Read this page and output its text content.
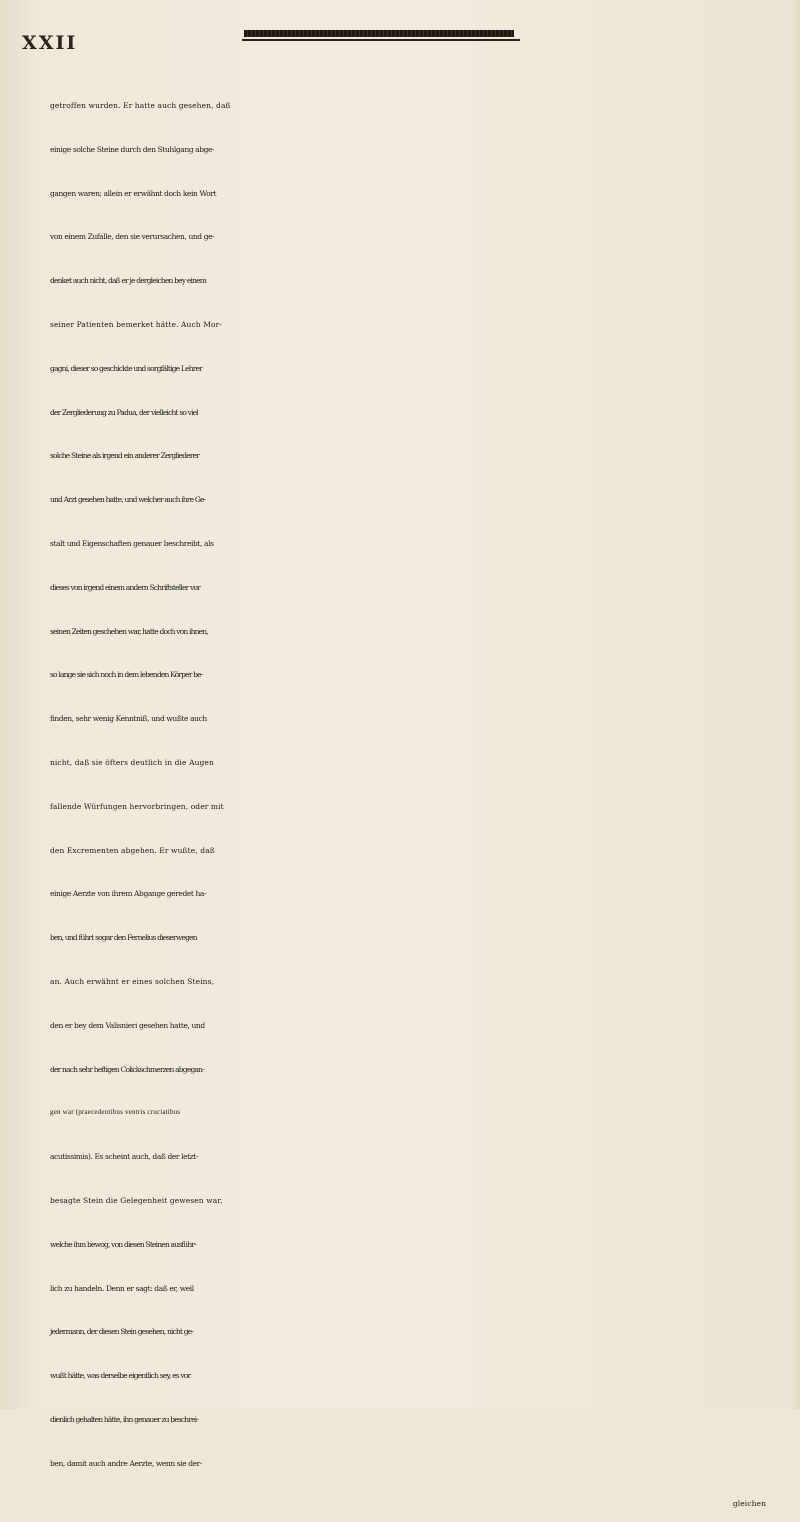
XXII
getroffen wurden. Er hatte auch gesehen, daß
einige solche Steine durch den Stuhlgang abge-
gangen waren; allein er erwähnt doch kein Wort
von einem Zufalle, den sie verursachen, und ge-
denket auch nicht, daß er je dergleichen bey einem
seiner Patienten bemerket hätte. Auch Mor-
gagni, dieser so geschickte und sorgfältige Lehrer
der Zergliederung zu Padua, der vielleicht so viel
solche Steine als irgend ein anderer Zergliederer
und Arzt gesehen hatte, und welcher auch ihre Ge-
stalt und Eigenschaften genauer beschreibt, als
dieses von irgend einem andern Schriftsteller vor
seinen Zeiten geschehen war, hatte doch von ihnen,
so lange sie sich noch in dem lebenden Körper be-
finden, sehr wenig Kenntniß, und wußte auch
nicht, daß sie öfters deutlich in die Augen
fallende Würfungen hervorbringen, oder mit
den Excrementen abgehen. Er wußte, daß
einige Aerzte von ihrem Abgange geredet ha-
ben, und führt sogar den Fernelius dieserwegen
an. Auch erwähnt er eines solchen Steins,
den er bey dem Valisnieri gesehen hatte, und
der nach sehr heftigen Colickschmerzen abgegan-
gen war (praecedentibus ventris cruciatibus
acutissimis). Es scheint auch, daß der letzt-
besagte Stein die Gelegenheit gewesen war,
welche ihm bewog, von diesen Steinen ausführ-
lich zu handeln. Denn er sagt: daß er, weil
jedermann, der diesen Stein gesehen, nicht ge-
wußt hätte, was derselbe eigentlich sey, es vor
dienlich gehalten hätte, ihn genauer zu beschrei-
ben, damit auch andre Aerzte, wenn sie der-
gleichen
